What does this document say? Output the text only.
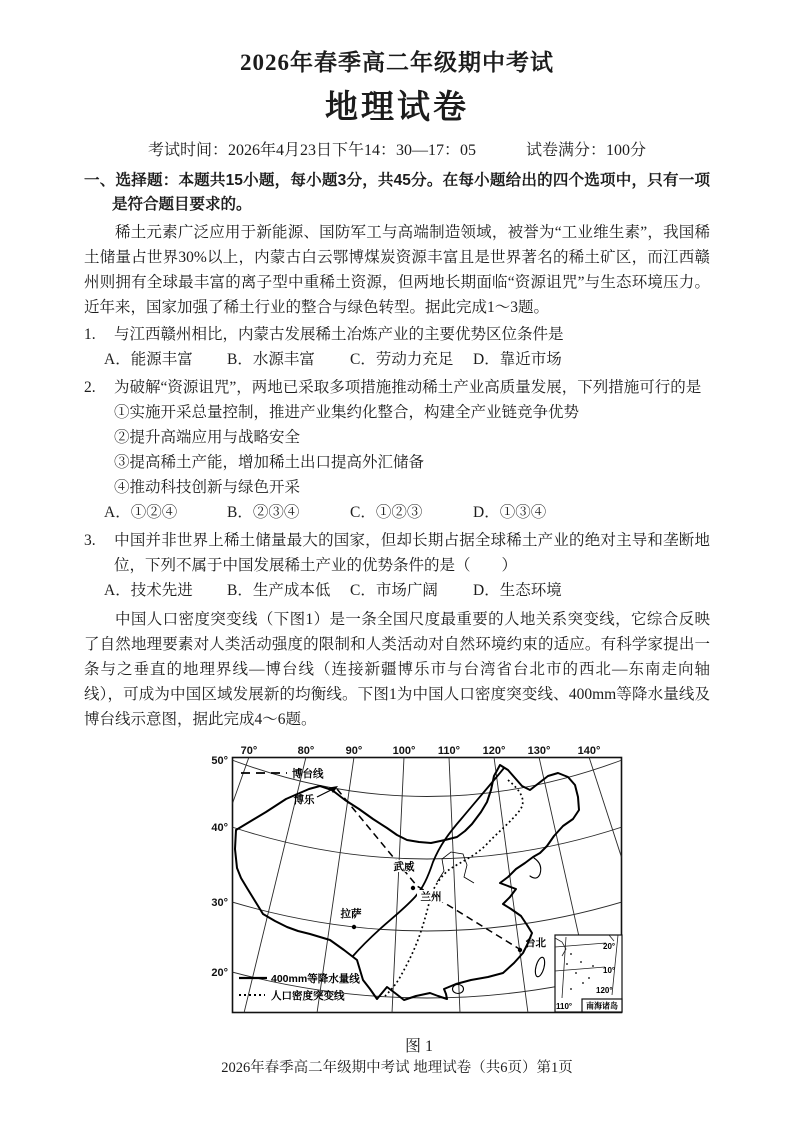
2026年春季高二年级期中考试
地理试卷
考试时间：2026年4月23日下午14：30—17：05	试卷满分：100分
一、选择题：本题共15小题，每小题3分，共45分。在每小题给出的四个选项中，只有一项是符合题目要求的。
稀土元素广泛应用于新能源、国防军工与高端制造领域，被誉为“工业维生素”，我国稀土储量占世界30%以上，内蒙古白云鄂博煤炭资源丰富且是世界著名的稀土矿区，而江西赣州则拥有全球最丰富的离子型中重稀土资源，但两地长期面临“资源诅咒”与生态环境压力。近年来，国家加强了稀土行业的整合与绿色转型。据此完成1～3题。
1. 与江西赣州相比，内蒙古发展稀土冶炼产业的主要优势区位条件是
A．能源丰富	B．水源丰富	C．劳动力充足	D．靠近市场
2. 为破解“资源诅咒”，两地已采取多项措施推动稀土产业高质量发展，下列措施可行的是
①实施开采总量控制，推进产业集约化整合，构建全产业链竞争优势
②提升高端应用与战略安全
③提高稀土产能，增加稀土出口提高外汇储备
④推动科技创新与绿色开采
A．①②④	B．②③④	C．①②③	D．①③④
3. 中国并非世界上稀土储量最大的国家，但却长期占据全球稀土产业的绝对主导和垄断地位，下列不属于中国发展稀土产业的优势条件的是（　　）
A．技术先进	B．生产成本低	C．市场广阔	D．生态环境
中国人口密度突变线（下图1）是一条全国尺度最重要的人地关系突变线，它综合反映了自然地理要素对人类活动强度的限制和人类活动对自然环境约束的适应。有科学家提出一条与之垂直的地理界线—博台线（连接新疆博乐市与台湾省台北市的西北—东南走向轴线），可成为中国区域发展新的均衡线。下图1为中国人口密度突变线、400mm等降水量线及博台线示意图，据此完成4～6题。
70°	80°	90°	100° 110° 120° 130° 140°
50°
40°
30°
20°
博台线
博乐
武威
兰州
拉萨
台北
400mm等降水量线
人口密度突变线
20°
10°
120°
110° 南海诸岛
图 1
2026年春季高二年级期中考试 地理试卷（共6页）第1页
